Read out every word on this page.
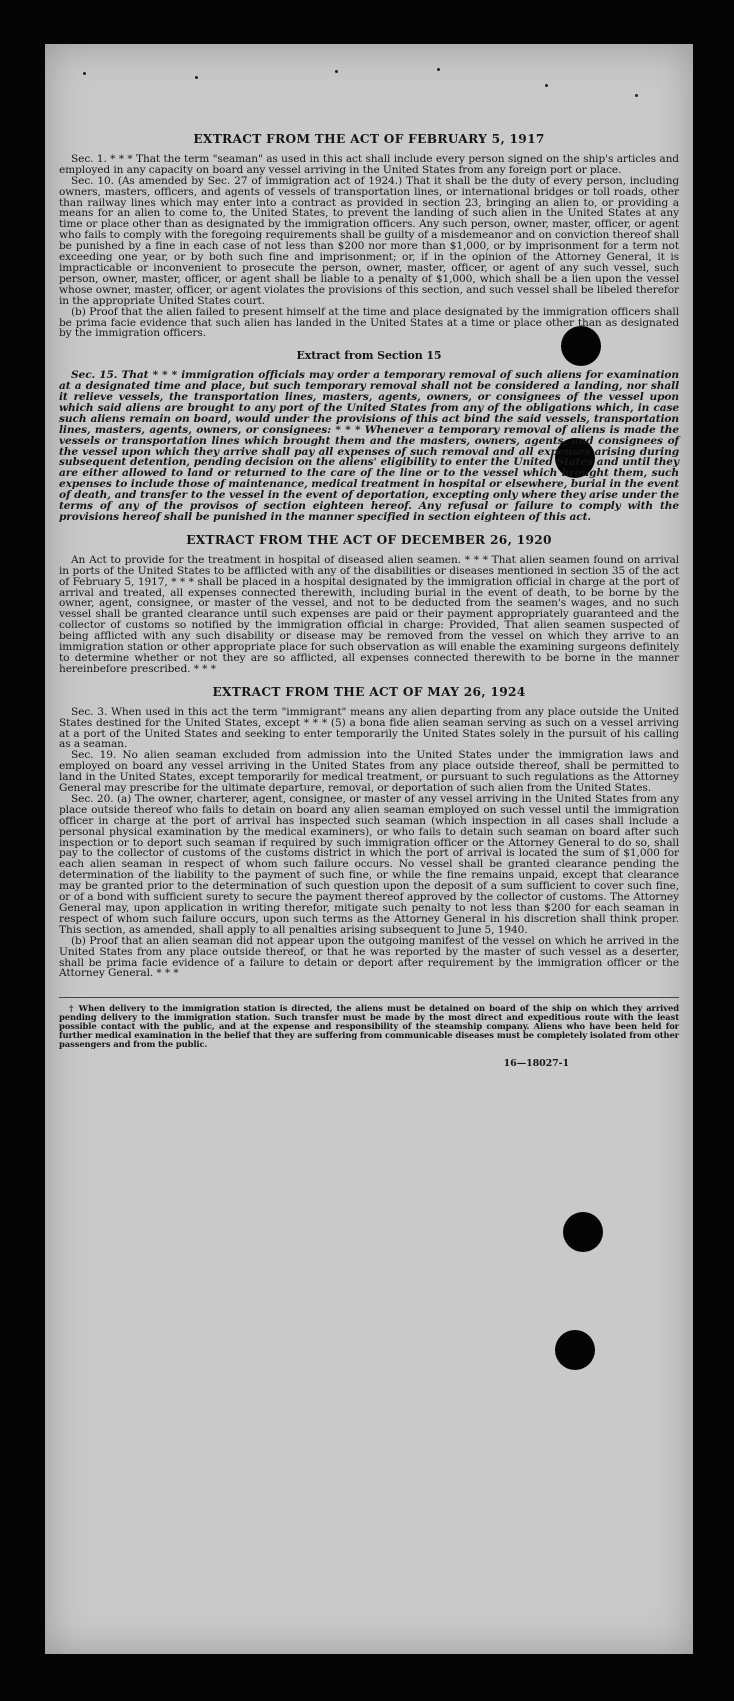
EXTRACT FROM THE ACT OF FEBRUARY 5, 1917

Sec. 1. * * * That the term "seaman" as used in this act shall include every person signed on the ship's articles and employed in any capacity on board any vessel arriving in the United States from any foreign port or place.

Sec. 10. (As amended by Sec. 27 of immigration act of 1924.) That it shall be the duty of every person, including owners, masters, officers, and agents of vessels of transportation lines, or international bridges or toll roads, other than railway lines which may enter into a contract as provided in section 23, bringing an alien to, or providing a means for an alien to come to, the United States, to prevent the landing of such alien in the United States at any time or place other than as designated by the immigration officers. Any such person, owner, master, officer, or agent who fails to comply with the foregoing requirements shall be guilty of a misdemeanor and on conviction thereof shall be punished by a fine in each case of not less than $200 nor more than $1,000, or by imprisonment for a term not exceeding one year, or by both such fine and imprisonment; or, if in the opinion of the Attorney General, it is impracticable or inconvenient to prosecute the person, owner, master, officer, or agent of any such vessel, such person, owner, master, officer, or agent shall be liable to a penalty of $1,000, which shall be a lien upon the vessel whose owner, master, officer, or agent violates the provisions of this section, and such vessel shall be libeled therefor in the appropriate United States court.

(b) Proof that the alien failed to present himself at the time and place designated by the immigration officers shall be prima facie evidence that such alien has landed in the United States at a time or place other than as designated by the immigration officers.

Extract from Section 15

Sec. 15. That * * * immigration officials may order a temporary removal of such aliens for examination at a designated time and place, but such temporary removal shall not be considered a landing, nor shall it relieve vessels, the transportation lines, masters, agents, owners, or consignees of the vessel upon which said aliens are brought to any port of the United States from any of the obligations which, in case such aliens remain on board, would under the provisions of this act bind the said vessels, transportation lines, masters, agents, owners, or consignees: * * * Whenever a temporary removal of aliens is made the vessels or transportation lines which brought them and the masters, owners, agents, and consignees of the vessel upon which they arrive shall pay all expenses of such removal and all expenses arising during subsequent detention, pending decision on the aliens' eligibility to enter the United States and until they are either allowed to land or returned to the care of the line or to the vessel which brought them, such expenses to include those of maintenance, medical treatment in hospital or elsewhere, burial in the event of death, and transfer to the vessel in the event of deportation, excepting only where they arise under the terms of any of the provisos of section eighteen hereof. Any refusal or failure to comply with the provisions hereof shall be punished in the manner specified in section eighteen of this act.

EXTRACT FROM THE ACT OF DECEMBER 26, 1920

An Act to provide for the treatment in hospital of diseased alien seamen. * * * That alien seamen found on arrival in ports of the United States to be afflicted with any of the disabilities or diseases mentioned in section 35 of the act of February 5, 1917, * * * shall be placed in a hospital designated by the immigration official in charge at the port of arrival and treated, all expenses connected therewith, including burial in the event of death, to be borne by the owner, agent, consignee, or master of the vessel, and not to be deducted from the seamen's wages, and no such vessel shall be granted clearance until such expenses are paid or their payment appropriately guaranteed and the collector of customs so notified by the immigration official in charge: Provided, That alien seamen suspected of being afflicted with any such disability or disease may be removed from the vessel on which they arrive to an immigration station or other appropriate place for such observation as will enable the examining surgeons definitely to determine whether or not they are so afflicted, all expenses connected therewith to be borne in the manner hereinbefore prescribed. * * *

EXTRACT FROM THE ACT OF MAY 26, 1924

Sec. 3. When used in this act the term "immigrant" means any alien departing from any place outside the United States destined for the United States, except * * * (5) a bona fide alien seaman serving as such on a vessel arriving at a port of the United States and seeking to enter temporarily the United States solely in the pursuit of his calling as a seaman.

Sec. 19. No alien seaman excluded from admission into the United States under the immigration laws and employed on board any vessel arriving in the United States from any place outside thereof, shall be permitted to land in the United States, except temporarily for medical treatment, or pursuant to such regulations as the Attorney General may prescribe for the ultimate departure, removal, or deportation of such alien from the United States.

Sec. 20. (a) The owner, charterer, agent, consignee, or master of any vessel arriving in the United States from any place outside thereof who fails to detain on board any alien seaman employed on such vessel until the immigration officer in charge at the port of arrival has inspected such seaman (which inspection in all cases shall include a personal physical examination by the medical examiners), or who fails to detain such seaman on board after such inspection or to deport such seaman if required by such immigration officer or the Attorney General to do so, shall pay to the collector of customs of the customs district in which the port of arrival is located the sum of $1,000 for each alien seaman in respect of whom such failure occurs. No vessel shall be granted clearance pending the determination of the liability to the payment of such fine, or while the fine remains unpaid, except that clearance may be granted prior to the determination of such question upon the deposit of a sum sufficient to cover such fine, or of a bond with sufficient surety to secure the payment thereof approved by the collector of customs. The Attorney General may, upon application in writing therefor, mitigate such penalty to not less than $200 for each seaman in respect of whom such failure occurs, upon such terms as the Attorney General in his discretion shall think proper. This section, as amended, shall apply to all penalties arising subsequent to June 5, 1940.

(b) Proof that an alien seaman did not appear upon the outgoing manifest of the vessel on which he arrived in the United States from any place outside thereof, or that he was reported by the master of such vessel as a deserter, shall be prima facie evidence of a failure to detain or deport after requirement by the immigration officer or the Attorney General. * * *

† When delivery to the immigration station is directed, the aliens must be detained on board of the ship on which they arrived pending delivery to the immigration station. Such transfer must be made by the most direct and expeditious route with the least possible contact with the public, and at the expense and responsibility of the steamship company. Aliens who have been held for further medical examination in the belief that they are suffering from communicable diseases must be completely isolated from other passengers and from the public.

16—18027-1
